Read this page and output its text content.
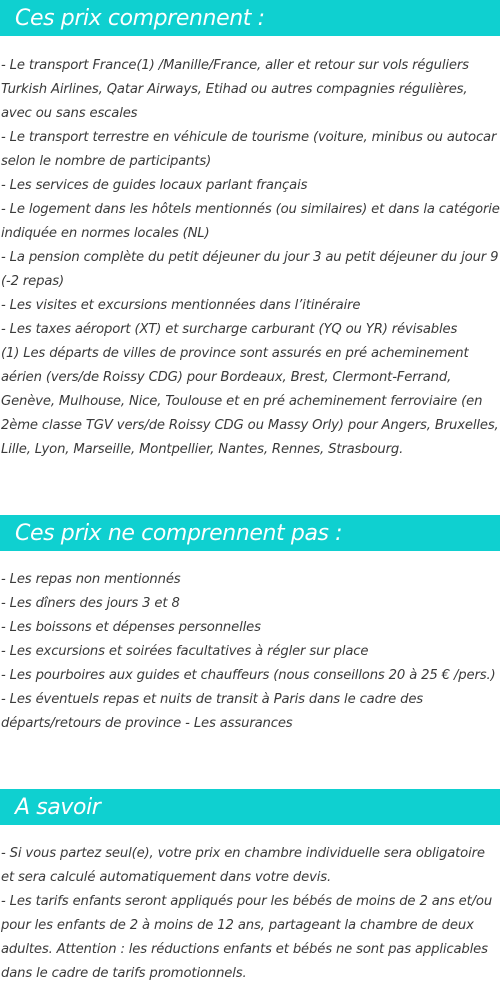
Ces prix comprennent :

- Le transport France(1) /Manille/France, aller et retour sur vols réguliers Turkish Airlines, Qatar Airways, Etihad ou autres compagnies régulières, avec ou sans escales

- Le transport terrestre en véhicule de tourisme (voiture, minibus ou autocar selon le nombre de participants)

- Les services de guides locaux parlant français

- Le logement dans les hôtels mentionnés (ou similaires) et dans la catégorie indiquée en normes locales (NL)

- La pension complète du petit déjeuner du jour 3 au petit déjeuner du jour 9 (-2 repas)

- Les visites et excursions mentionnées dans l’itinéraire

- Les taxes aéroport (XT) et surcharge carburant (YQ ou YR) révisables

(1) Les départs de villes de province sont assurés en pré acheminement aérien (vers/de Roissy CDG) pour Bordeaux, Brest, Clermont-Ferrand, Genève, Mulhouse, Nice, Toulouse et en pré acheminement ferroviaire (en 2ème classe TGV vers/de Roissy CDG ou Massy Orly) pour Angers, Bruxelles, Lille, Lyon, Marseille, Montpellier, Nantes, Rennes, Strasbourg.

Ces prix ne comprennent pas :

- Les repas non mentionnés

- Les dîners des jours 3 et 8

- Les boissons et dépenses personnelles

- Les excursions et soirées facultatives à régler sur place

- Les pourboires aux guides et chauffeurs (nous conseillons 20 à 25 € /pers.)

- Les éventuels repas et nuits de transit à Paris dans le cadre des départs/retours de province - Les assurances

A savoir

- Si vous partez seul(e), votre prix en chambre individuelle sera obligatoire et sera calculé automatiquement dans votre devis.

- Les tarifs enfants seront appliqués pour les bébés de moins de 2 ans et/ou pour les enfants de 2 à moins de 12 ans, partageant la chambre de deux adultes. Attention : les réductions enfants et bébés ne sont pas applicables dans le cadre de tarifs promotionnels.
